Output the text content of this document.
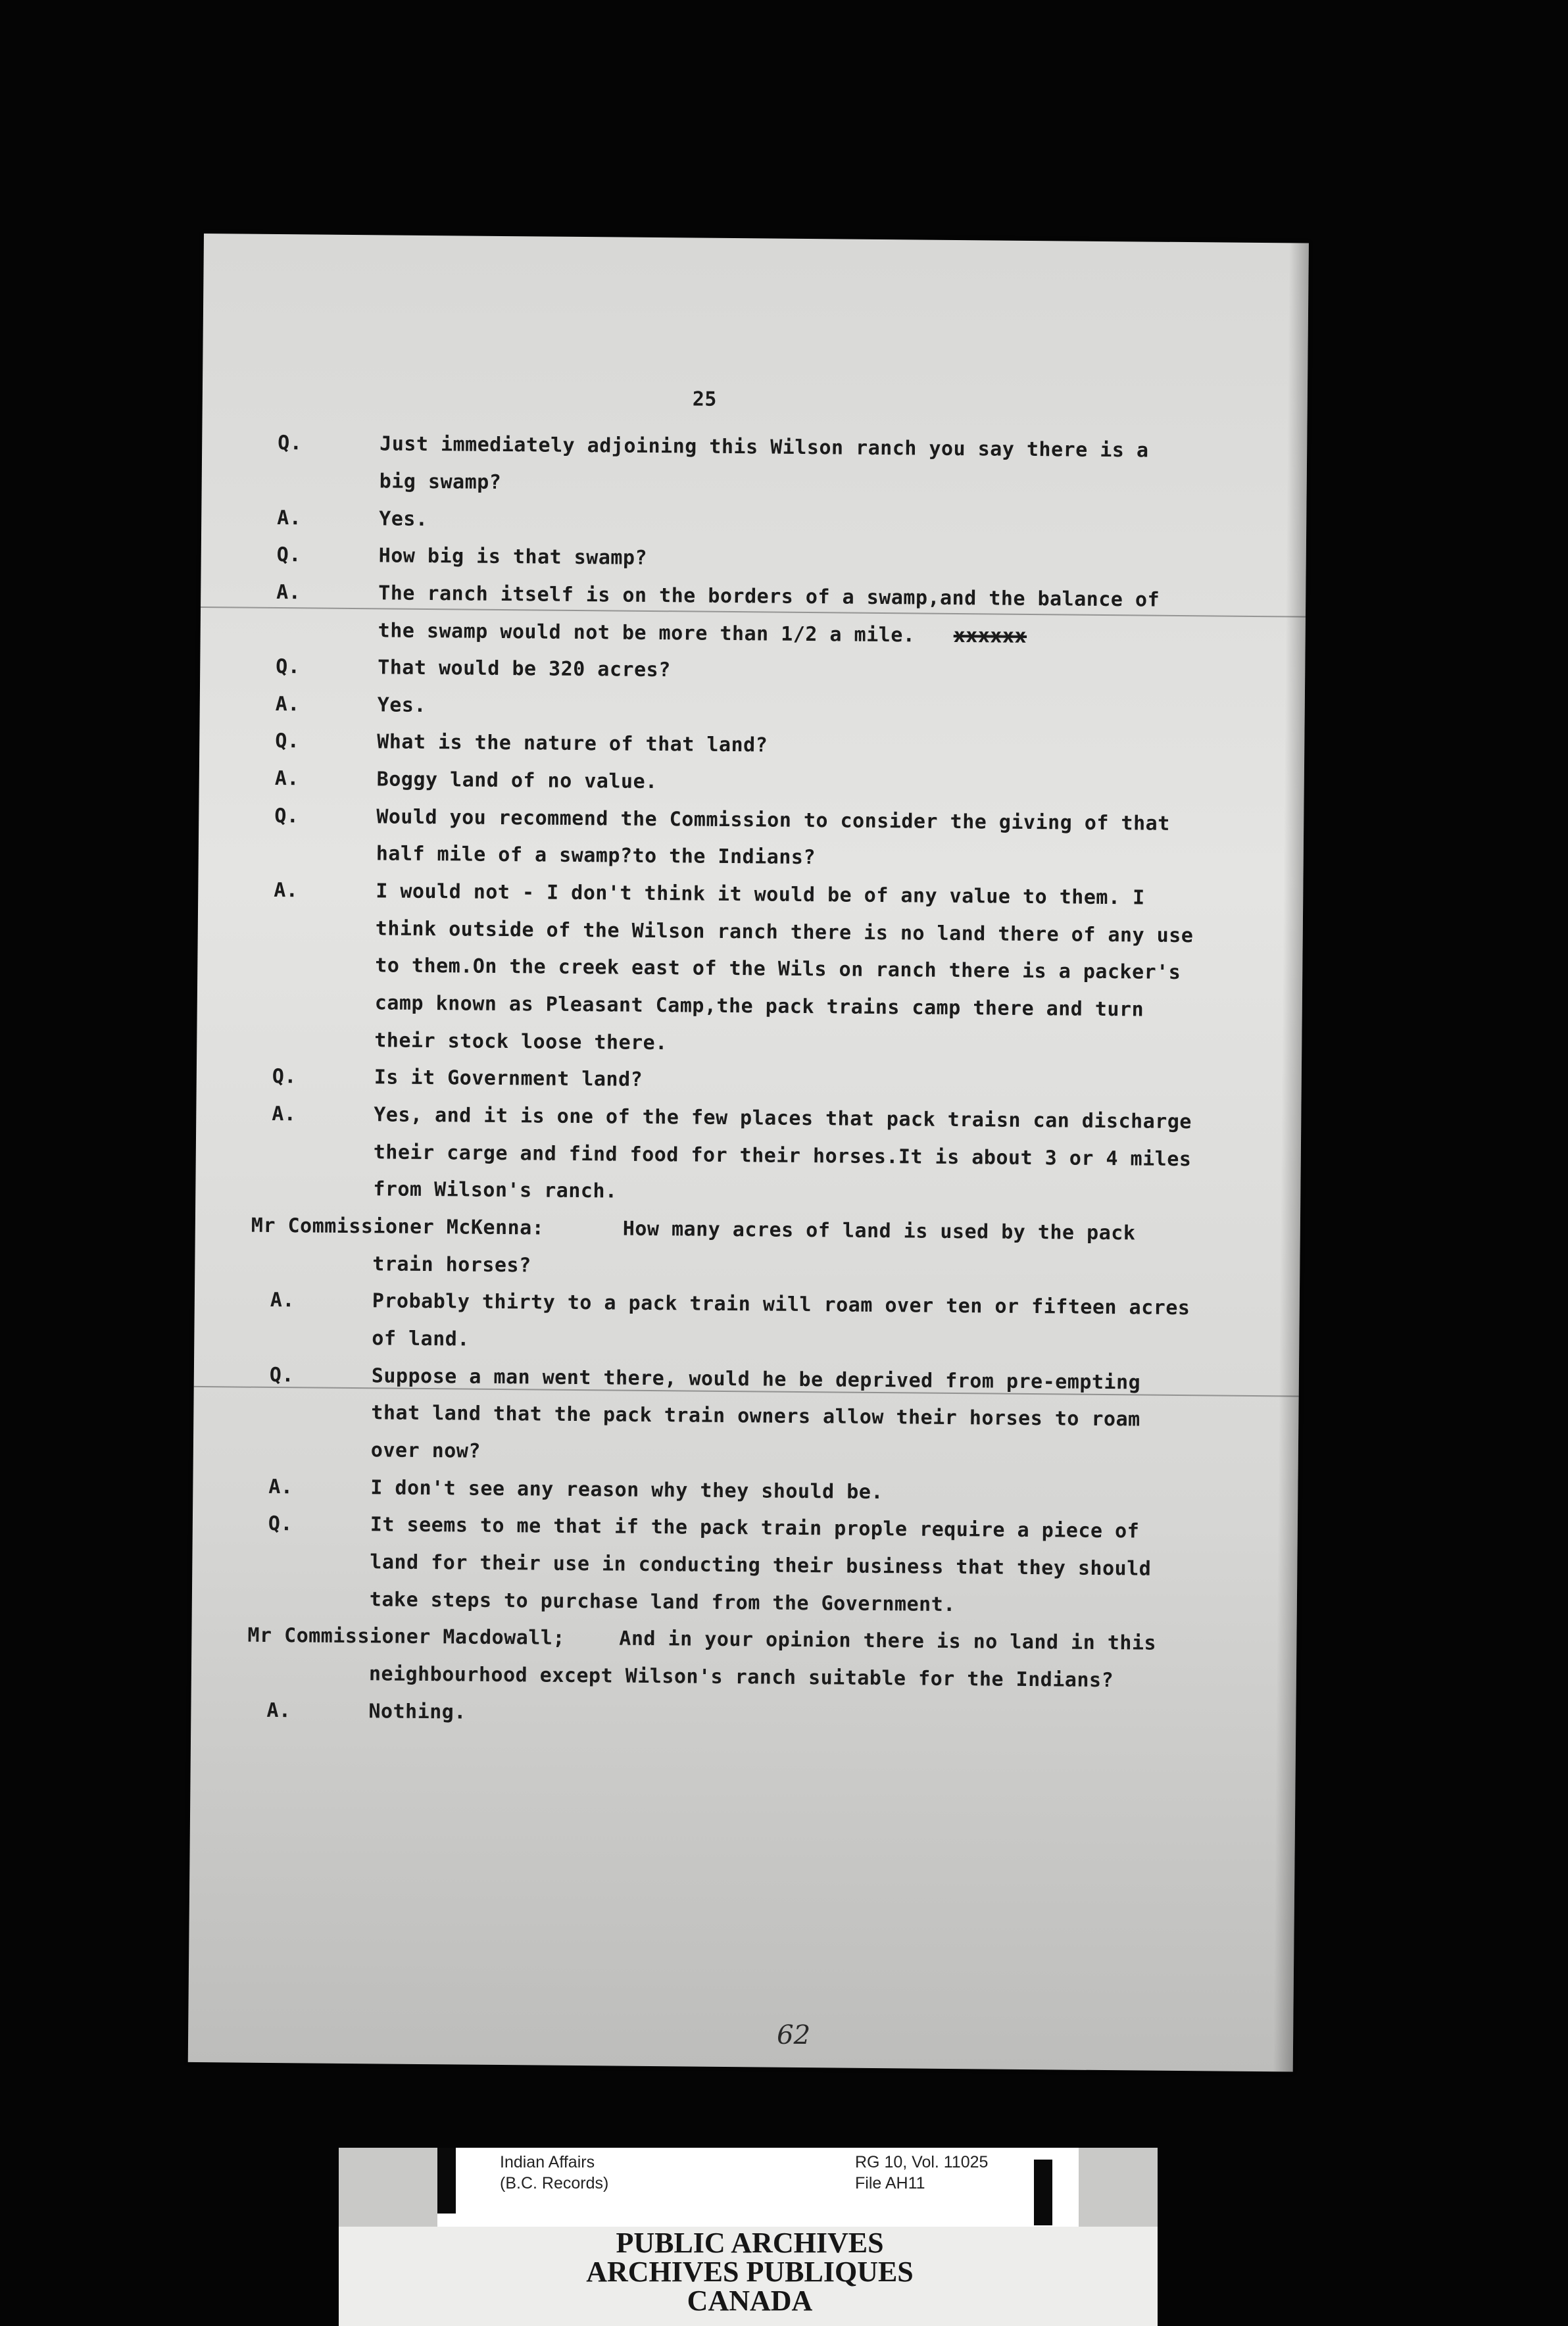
25
Q.	Just immediately adjoining this Wilson ranch you say there is a
big swamp?
A.	Yes.
Q.	How big is that swamp?
A.	The ranch itself is on the borders of a swamp,and the balance of
the swamp would not be more than 1/2 a mile. xxxxxx
Q.	That would be 320 acres?
A.	Yes.
Q.	What is the nature of that land?
A.	Boggy land of no value.
Q.	Would you recommend the Commission to consider the giving of that
half mile of a swamp?to the Indians?
A.	I would not - I don't think it would be of any value to them. I
think outside of the Wilson ranch there is no land there of any use
to them.On the creek east of the Wils on ranch there is a packer's
camp known as Pleasant Camp,the pack trains camp there and turn
their stock loose there.
Q.	Is it Government land?
A.	Yes, and it is one of the few places that pack traisn can discharge
their carge and find food for their horses.It is about 3 or 4 miles
from Wilson's ranch.
Mr Commissioner McKenna:	How many acres of land is used by the pack
train horses?
A.	Probably thirty to a pack train will roam over ten or fifteen acres
of land.
Q.	Suppose a man went there, would he be deprived from pre-empting
that land that the pack train owners allow their horses to roam
over now?
A.	I don't see any reason why they should be.
Q.	It seems to me that if the pack train prople require a piece of
land for their use in conducting their business that they should
take steps to purchase land from the Government.
Mr Commissioner Macdowall;	And in your opinion there is no land in this
neighbourhood except Wilson's ranch suitable for the Indians?
A.	Nothing.
62
Indian Affairs
(B.C. Records)
RG 10, Vol. 11025
File AH11
PUBLIC ARCHIVES
ARCHIVES PUBLIQUES
CANADA
